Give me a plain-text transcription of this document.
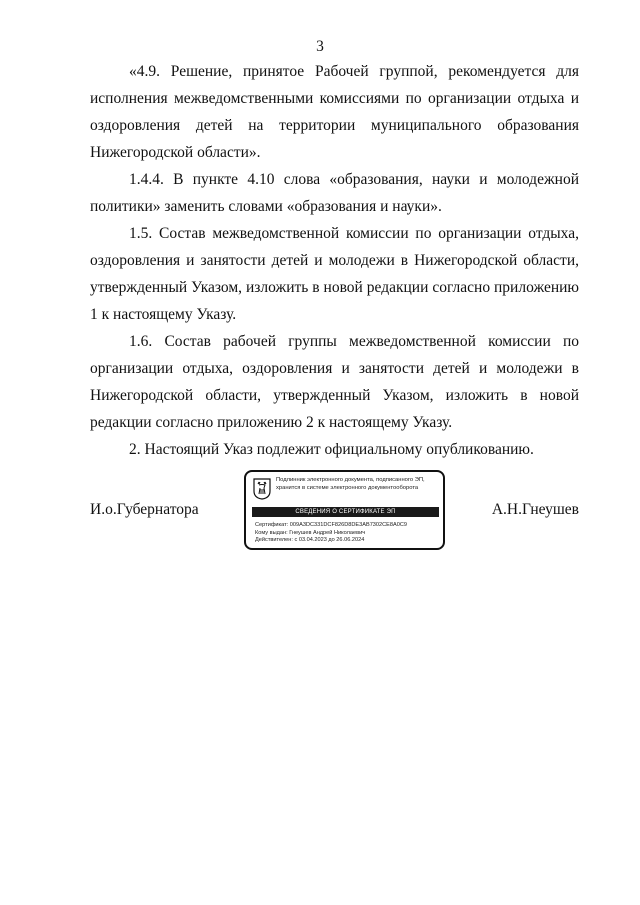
3

«4.9. Решение, принятое Рабочей группой, рекомендуется для исполнения межведомственными комиссиями по организации отдыха и оздоровления детей на территории муниципального образования Нижегородской области».

1.4.4. В пункте 4.10 слова «образования, науки и молодежной политики» заменить словами «образования и науки».

1.5. Состав межведомственной комиссии по организации отдыха, оздоровления и занятости детей и молодежи в Нижегородской области, утвержденный Указом, изложить в новой редакции согласно приложению 1 к настоящему Указу.

1.6. Состав рабочей группы межведомственной комиссии по организации отдыха, оздоровления и занятости детей и молодежи в Нижегородской области, утвержденный Указом, изложить в новой редакции согласно приложению 2 к настоящему Указу.

2. Настоящий Указ подлежит официальному опубликованию.

И.о.Губернатора	А.Н.Гнеушев
Подлинник электронного документа, подписанного ЭП,
хранится в системе электронного документооборота
СВЕДЕНИЯ О СЕРТИФИКАТЕ ЭП
Сертификат: 009A3DC331DCF826D8DE3AB7302CE8A0C9
Кому выдан: Гнеушев Андрей Николаевич
Действителен: с 03.04.2023 до 26.06.2024
